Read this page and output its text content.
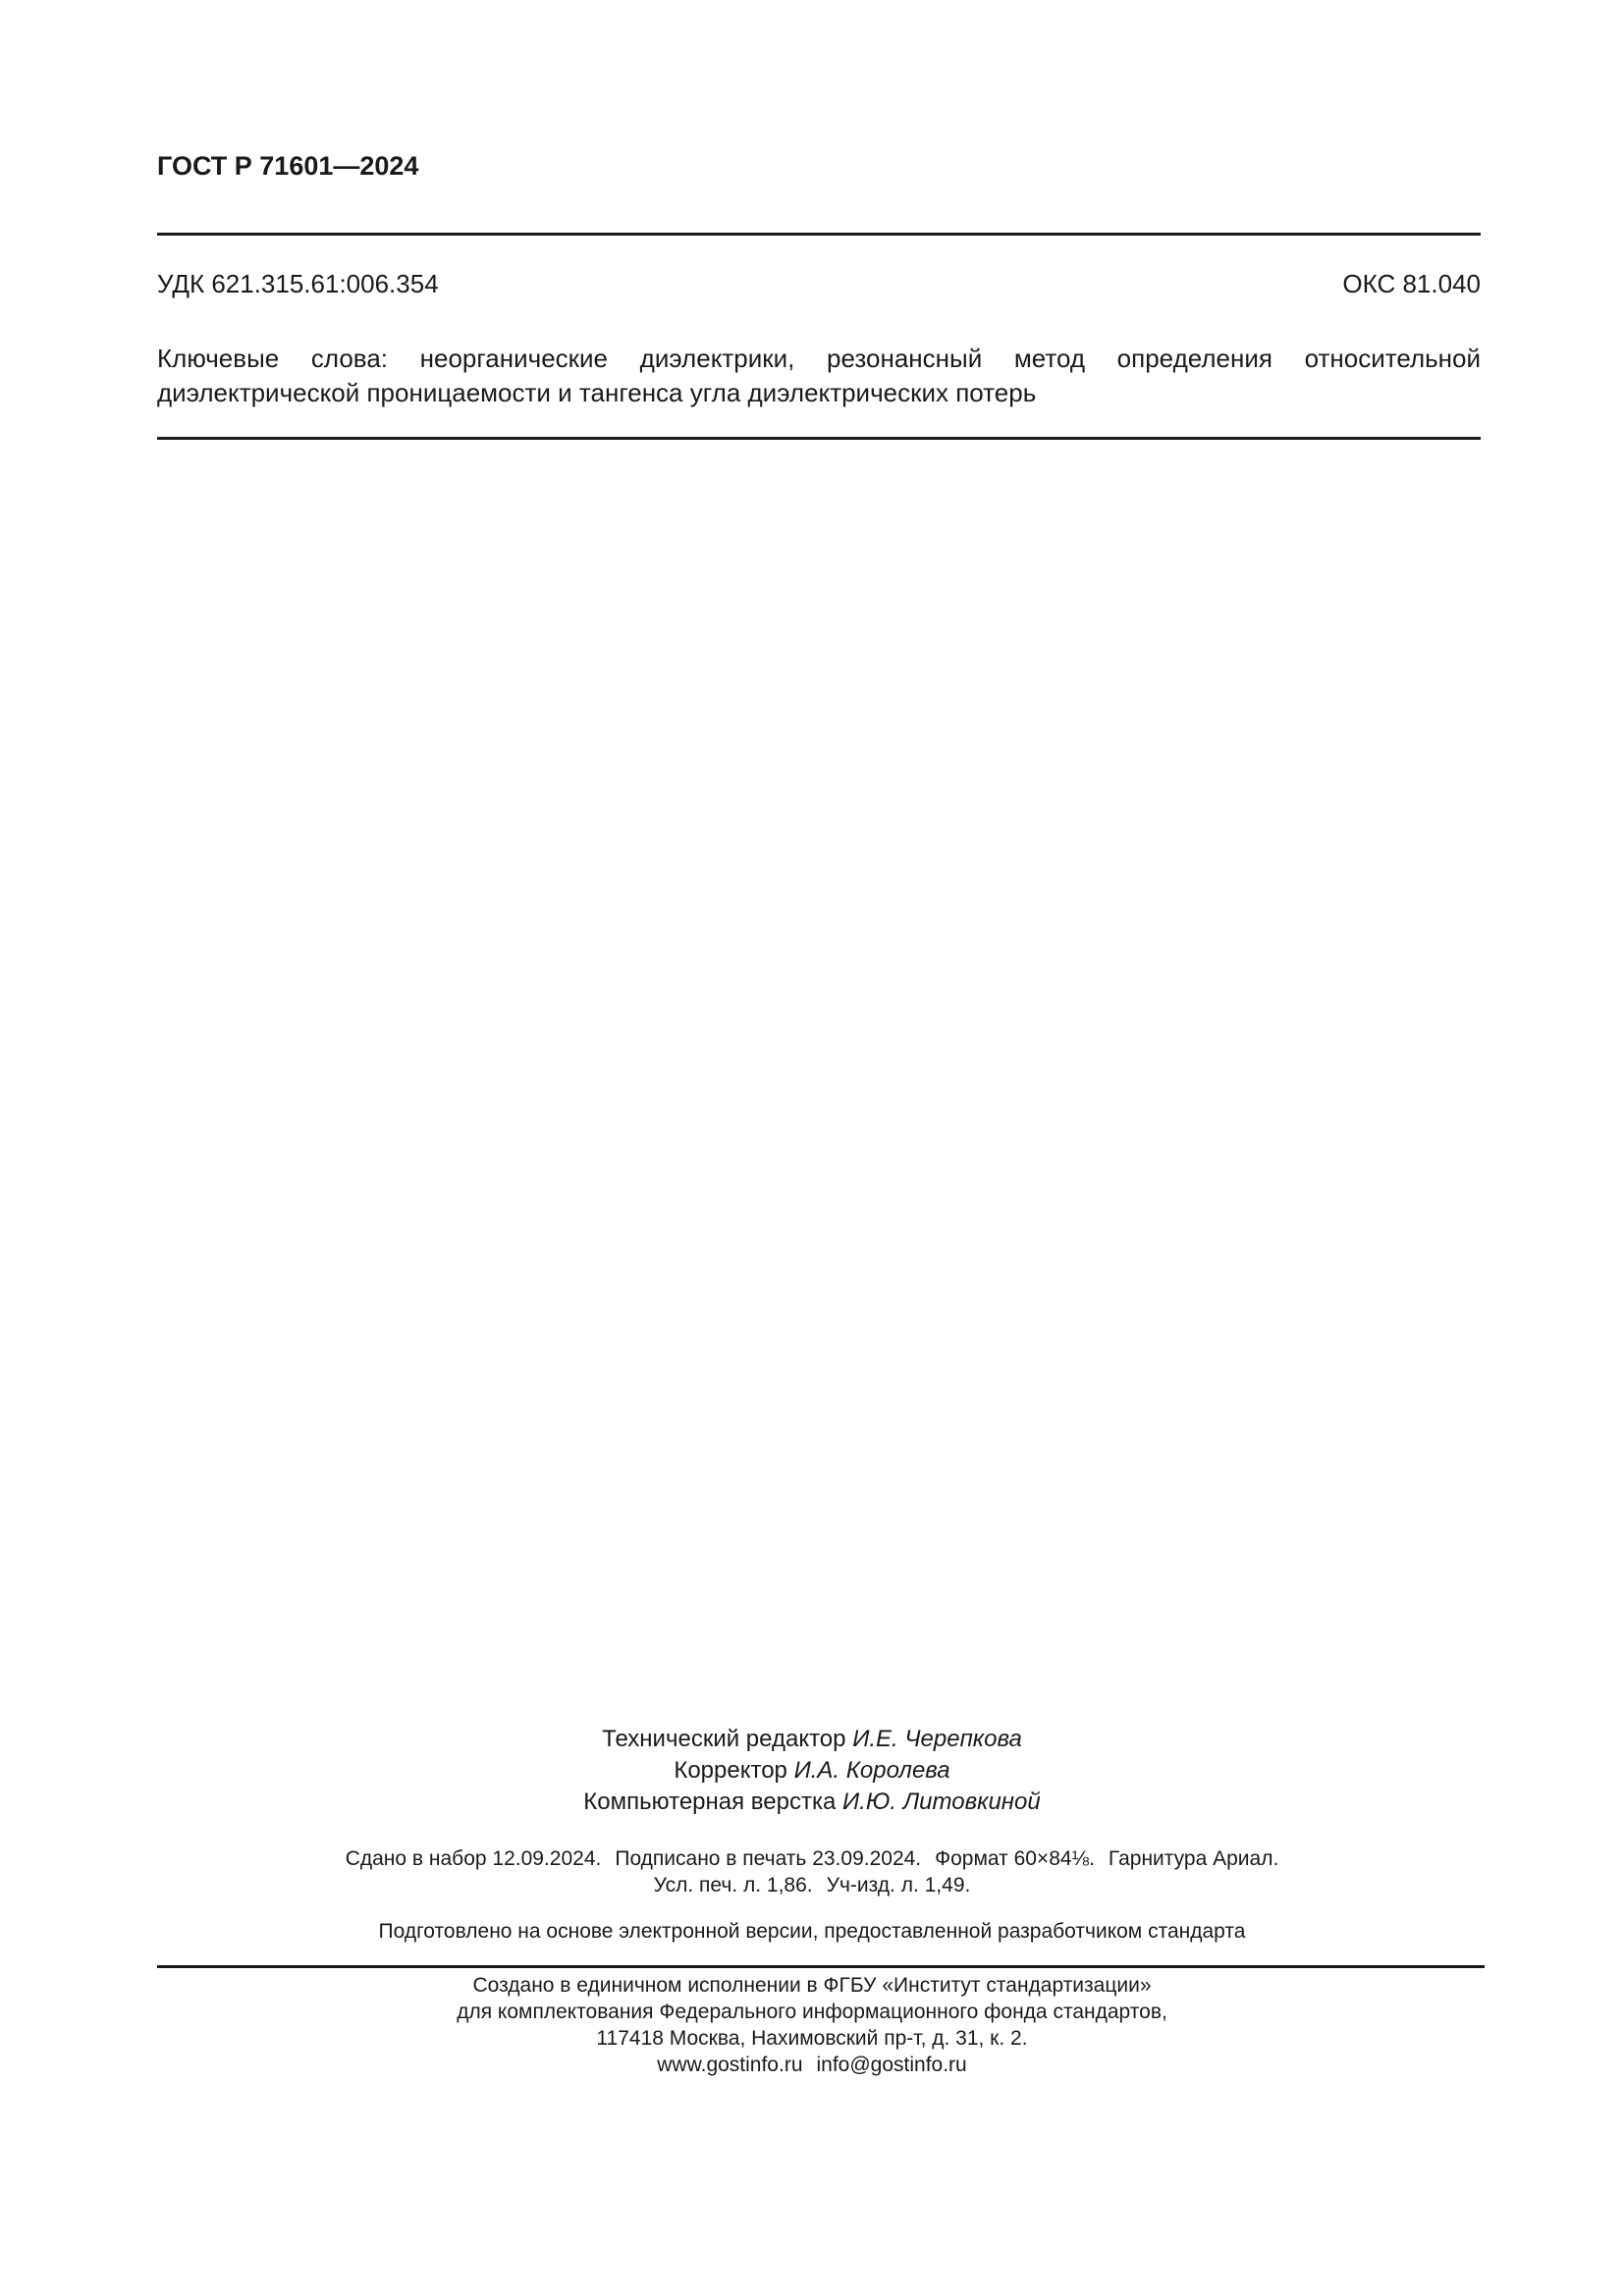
ГОСТ Р 71601—2024
УДК 621.315.61:006.354	ОКС 81.040
Ключевые слова: неорганические диэлектрики, резонансный метод определения относительной диэлектрической проницаемости и тангенса угла диэлектрических потерь
Технический редактор И.Е. Черепкова
Корректор И.А. Королева
Компьютерная верстка И.Ю. Литовкиной
Сдано в набор 12.09.2024. Подписано в печать 23.09.2024. Формат 60×84⅛. Гарнитура Ариал.
Усл. печ. л. 1,86. Уч-изд. л. 1,49.
Подготовлено на основе электронной версии, предоставленной разработчиком стандарта
Создано в единичном исполнении в ФГБУ «Институт стандартизации»
для комплектования Федерального информационного фонда стандартов,
117418 Москва, Нахимовский пр-т, д. 31, к. 2.
www.gostinfo.ru info@gostinfo.ru
